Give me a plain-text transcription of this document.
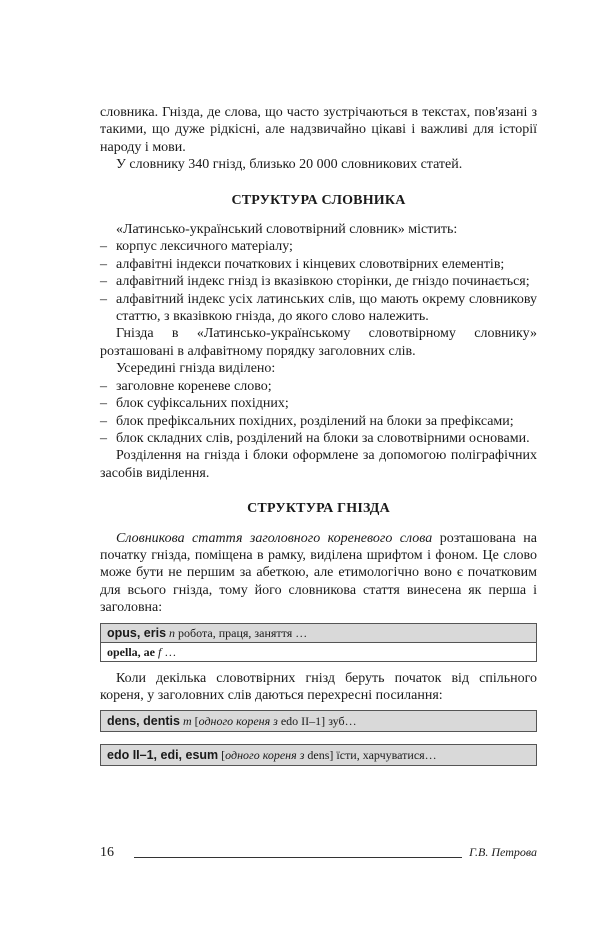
словника. Гнізда, де слова, що часто зустрічаються в текстах, пов'язані з такими, що дуже рідкісні, але надзвичайно цікаві і важливі для історії народу і мови.

У словнику 340 гнізд, близько 20 000 словникових статей.

СТРУКТУРА СЛОВНИКА

«Латинсько-український словотвірний словник» містить:

– корпус лексичного матеріалу;
– алфавітні індекси початкових і кінцевих словотвірних елементів;
– алфавітний індекс гнізд із вказівкою сторінки, де гніздо починається;
– алфавітний індекс усіх латинських слів, що мають окрему словникову статтю, з вказівкою гнізда, до якого слово належить.

Гнізда в «Латинсько-українському словотвірному словнику» розташовані в алфавітному порядку заголовних слів.

Усередині гнізда виділено:

– заголовне кореневе слово;
– блок суфіксальних похідних;
– блок префіксальних похідних, розділений на блоки за префіксами;
– блок складних слів, розділений на блоки за словотвірними основами.

Розділення на гнізда і блоки оформлене за допомогою поліграфічних засобів виділення.

СТРУКТУРА ГНІЗДА

Словникова стаття заголовного кореневого слова розташована на початку гнізда, поміщена в рамку, виділена шрифтом і фоном. Це слово може бути не першим за абеткою, але етимологічно воно є початковим для всього гнізда, тому його словникова стаття винесена як перша і заголовна:

opus, eris n робота, праця, заняття …
opella, ae f …

Коли декілька словотвірних гнізд беруть початок від спільного кореня, у заголовних слів даються перехресні посилання:

dens, dentis m [одного кореня з edo II–1] зуб…
edo II–1, edi, esum [одного кореня з dens] їсти, харчуватися…
16	Г.В. Петрова
